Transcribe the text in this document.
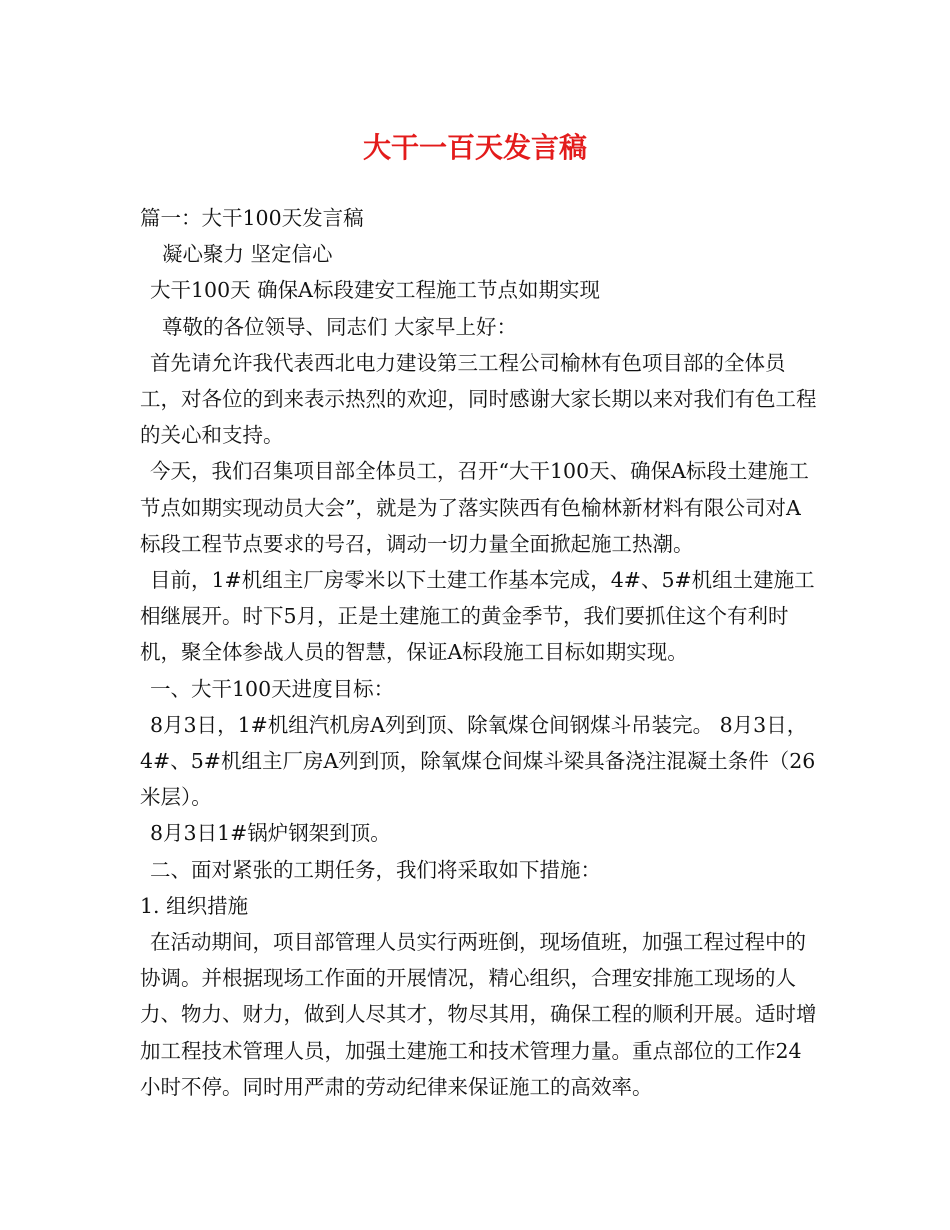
大干一百天发言稿

篇一：大干100天发言稿

凝心聚力 坚定信心

大干100天 确保A标段建安工程施工节点如期实现

尊敬的各位领导、同志们 大家早上好：

首先请允许我代表西北电力建设第三工程公司榆林有色项目部的全体员工，对各位的到来表示热烈的欢迎，同时感谢大家长期以来对我们有色工程的关心和支持。

今天，我们召集项目部全体员工，召开“大干100天、确保A标段土建施工节点如期实现动员大会”，就是为了落实陕西有色榆林新材料有限公司对A标段工程节点要求的号召，调动一切力量全面掀起施工热潮。

目前，1#机组主厂房零米以下土建工作基本完成，4#、5#机组土建施工相继展开。时下5月，正是土建施工的黄金季节，我们要抓住这个有利时机，聚全体参战人员的智慧，保证A标段施工目标如期实现。

一、大干100天进度目标：

8月3日，1#机组汽机房A列到顶、除氧煤仓间钢煤斗吊装完。 8月3日，4#、5#机组主厂房A列到顶，除氧煤仓间煤斗梁具备浇注混凝土条件（26米层）。

8月3日1#锅炉钢架到顶。

二、面对紧张的工期任务，我们将采取如下措施：

1. 组织措施

在活动期间，项目部管理人员实行两班倒，现场值班，加强工程过程中的协调。并根据现场工作面的开展情况，精心组织，合理安排施工现场的人力、物力、财力，做到人尽其才，物尽其用，确保工程的顺利开展。适时增加工程技术管理人员，加强土建施工和技术管理力量。重点部位的工作24小时不停。同时用严肃的劳动纪律来保证施工的高效率。
